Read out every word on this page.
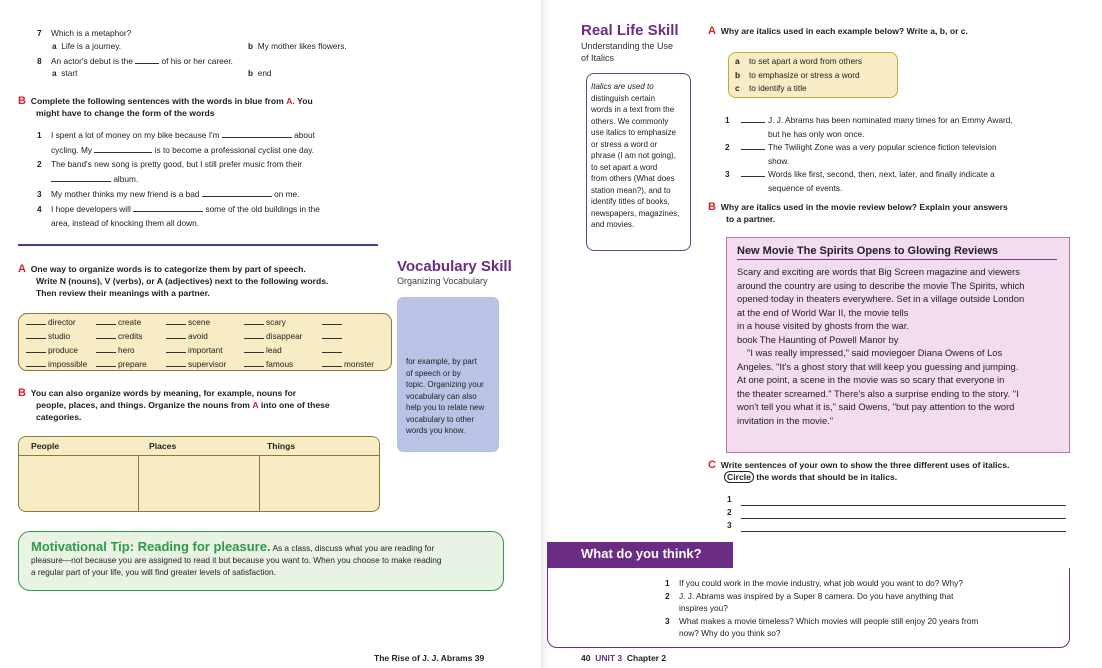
7 Which is a metaphor?
a Life is a journey.	b My mother likes flowers.
8 An actor's debut is the	of his or her career.
a start	b end
B Complete the following sentences with the words in blue from A. You
might have to change the form of the words
1 I spent a lot of money on my bike because I'm	about
cycling. My	is to become a professional cyclist one day.
2 The band's new song is pretty good, but I still prefer music from their
album.
3 My mother thinks my new friend is a bad	on me.
4 I hope developers will	some of the old buildings in the
area, instead of knocking them all down.
Vocabulary Skill
Organizing Vocabulary
A One way to organize words is to categorize them by part of speech.
Write N (nouns), V (verbs), or A (adjectives) next to the following words.
Then review their meanings with a partner.
director	create	scene	scary
studio	credits	avoid	disappear
produce	hero	important	lead
impossible	prepare	supervisor	famous	monster	for example, by part
of speech or by
topic. Organizing your
vocabulary can also
help you to relate new
vocabulary to other
words you know.
B You can also organize words by meaning, for example, nouns for
people, places, and things. Organize the nouns from A into one of these
categories.
People	Places	Things
Motivational Tip: Reading for pleasure. As a class, discuss what you are reading for
pleasure—not because you are assigned to read it but because you want to. When you choose to make reading
a regular part of your life, you will find greater levels of satisfaction.
The Rise of J. J. Abrams 39
Real Life Skill
Understanding the Use
of Italics
Italics are used to
distinguish certain
words in a text from the
others. We commonly
use italics to emphasize
or stress a word or
phrase (I am not going),
to set apart a word
from others (What does
station mean?), and to
identify titles of books,
newspapers, magazines,
and movies.
A Why are italics used in each example below? Write a, b, or c.
a to set apart a word from others
b to emphasize or stress a word
c to identify a title
1	J. J. Abrams has been nominated many times for an Emmy Award,
but he has only won once.
2	The Twilight Zone was a very popular science fiction television
show.
3	Words like first, second, then, next, later, and finally indicate a
sequence of events.
B Why are italics used in the movie review below? Explain your answers
to a partner.
New Movie The Spirits Opens to Glowing Reviews
Scary and exciting are words that Big Screen magazine and viewers
around the country are using to describe the movie The Spirits, which
opened today in theaters everywhere. Set in a village outside London
at the end of World War II, the movie tells
in a house visited by ghosts from the war.
book The Haunting of Powell Manor by
"I was really impressed," said moviegoer Diana Owens of Los
Angeles. "It's a ghost story that will keep you guessing and jumping.
At one point, a scene in the movie was so scary that everyone in
the theater screamed." There's also a surprise ending to the story. "I
won't tell you what it is," said Owens, "but pay attention to the word
invitation in the movie."
C Write sentences of your own to show the three different uses of italics.
Circle the words that should be in italics.
1
2
3
What do you think?
1 If you could work in the movie industry, what job would you want to do? Why?
2 J. J. Abrams was inspired by a Super 8 camera. Do you have anything that
inspires you?
3 What makes a movie timeless? Which movies will people still enjoy 20 years from
now? Why do you think so?
40 UNIT 3 Chapter 2
